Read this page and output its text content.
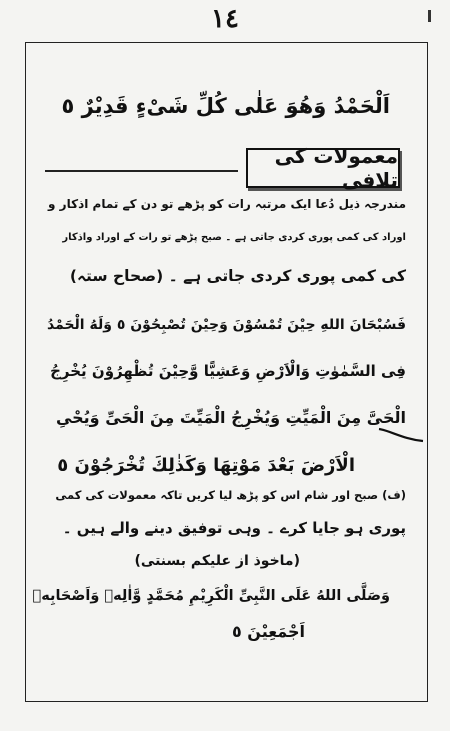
١٤
اَلْحَمْدُ وَھُوَ عَلٰى كُلِّ شَیْءٍ قَدِیْرٌ ٥
معمولات کی تلافی
مندرجہ ذیل دُعا ایک مرتبہ رات کو پڑھے تو دن کے تمام اذکار و
اوراد کی کمی پوری کردی جاتی ہے ۔ صبح پڑھے تو رات کے اوراد واذکار
کی کمی پوری کردی جاتی ہے ۔ (صحاح ستہ)
فَسُبْحَانَ اللهِ حِیْنَ تُمْسُوْنَ وَحِیْنَ تُصْبِحُوْنَ ٥ وَلَهُ الْحَمْدُ
فِی السَّمٰوٰتِ وَالْاَرْضِ وَعَشِیًّا وَّحِیْنَ تُظْهِرُوْنَ یُخْرِجُ
الْحَیَّ مِنَ الْمَیِّتِ وَیُخْرِجُ الْمَیِّتَ مِنَ الْحَیِّ وَیُحْیِ
الْاَرْضَ بَعْدَ مَوْتِهَا وَكَذٰلِكَ تُخْرَجُوْنَ ٥
(ف) صبح اور شام اس کو پڑھ لیا کریں تاکہ معمولات کی کمی
پوری ہو جایا کرے ۔ وہی توفیق دینے والے ہیں ۔
(ماخوذ از علیکم بسنتی)
وَصَلَّى اللهُ عَلَى النَّبِیِّ الْكَرِیْمِ مُحَمَّدٍ وَّاٰلِهٖ وَاَصْحَابِهٖ
اَجْمَعِیْنَ ٥
